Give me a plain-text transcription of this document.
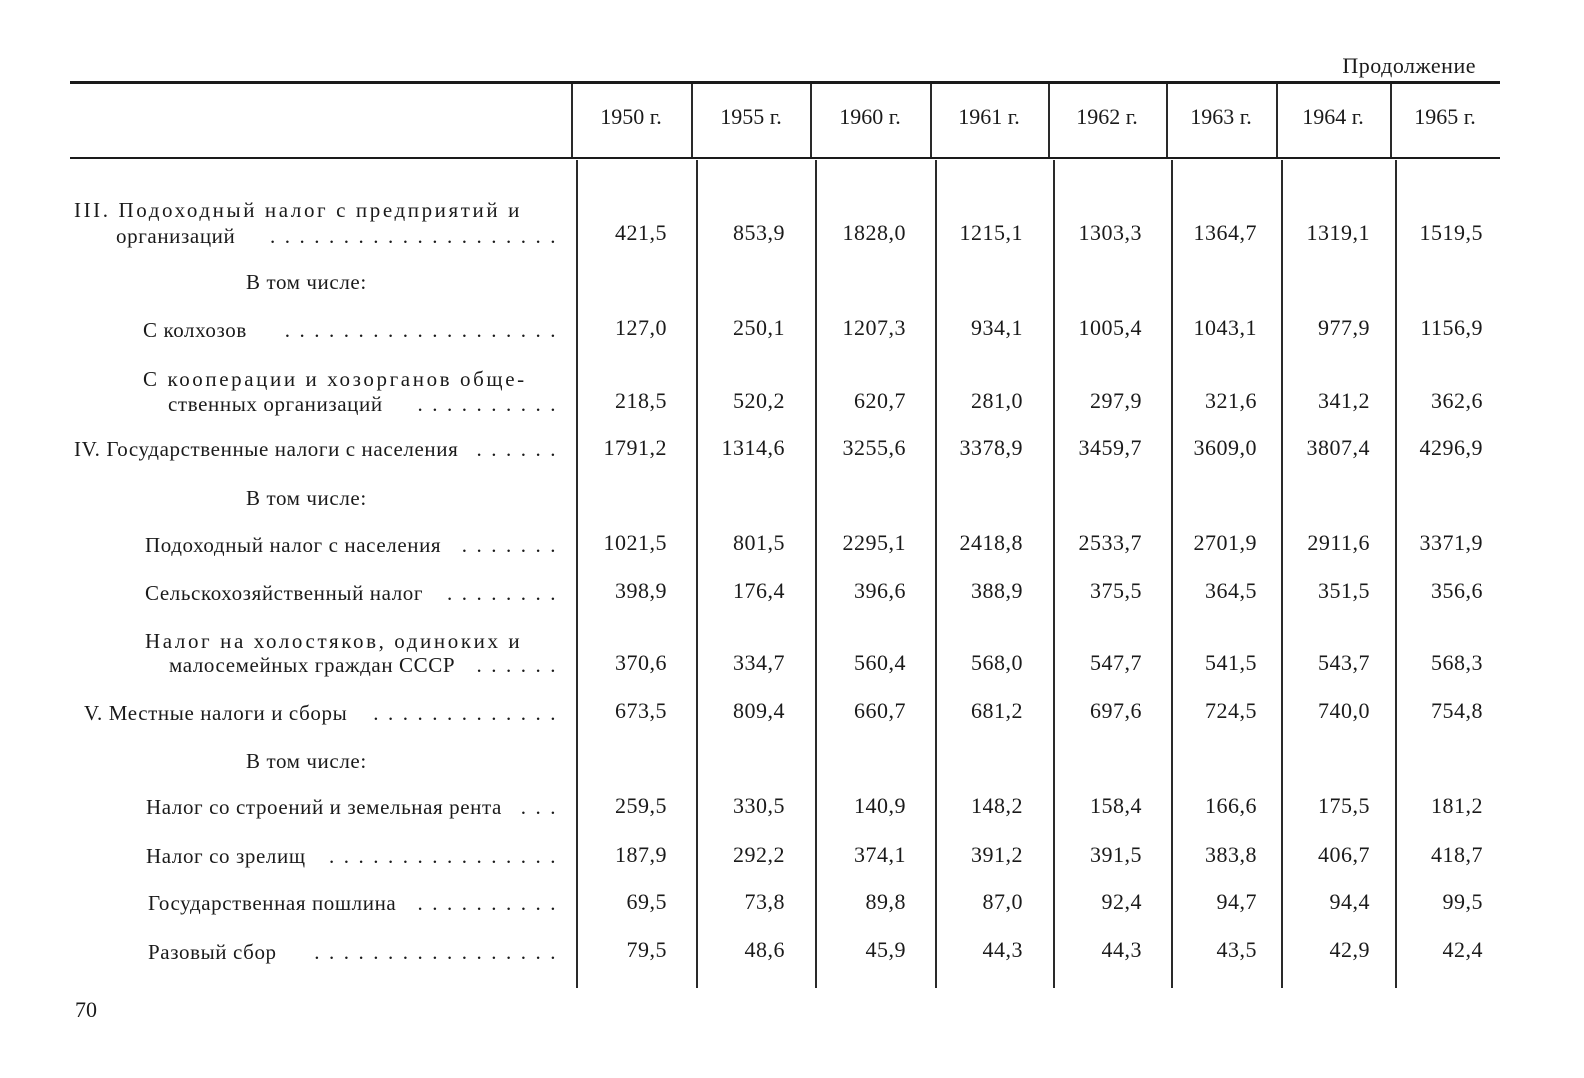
Продолжение
1950 г.	1955 г.	1960 г.	1961 г.	1962 г.	1963 г.	1964 г.	1965 г.
III. Подоходный налог с предприятий и
организаций .................... 421,5	853,9	1828,0 1215,1	1303,3 1364,7 1319,1 1519,5
В том числе:
С колхозов ................... 127,0	250,1	1207,3	934,1	1005,4 1043,1	977,9 1156,9
С кооперации и хозорганов обще-
ственных организаций .......... 218,5	520,2	620,7	281,0	297,9	321,6	341,2	362,6
IV. Государственные налоги с населения ...... 1791,2 1314,6	3255,6 3378,9	3459,7 3609,0 3807,4 4296,9
В том числе:
Подоходный налог с населения ....... 1021,5	801,5	2295,1 2418,8	2533,7 2701,9 2911,6 3371,9
Сельскохозяйственный налог ........ 398,9	176,4	396,6	388,9	375,5	364,5	351,5	356,6
Налог на холостяков, одиноких и
малосемейных граждан СССР ...... 370,6	334,7	560,4	568,0	547,7	541,5	543,7	568,3
V. Местные налоги и сборы ............. 673,5	809,4	660,7	681,2	697,6	724,5	740,0	754,8
В том числе:
Налог со строений и земельная рента ... 259,5	330,5	140,9	148,2	158,4	166,6	175,5	181,2
Налог со зрелищ ................ 187,9	292,2	374,1	391,2	391,5	383,8	406,7	418,7
Государственная пошлина ..........	69,5	73,8	89,8	87,0	92,4	94,7	94,4	99,5
Разовый сбор .................	79,5	48,6	45,9	44,3	44,3	43,5	42,9	42,4
70
